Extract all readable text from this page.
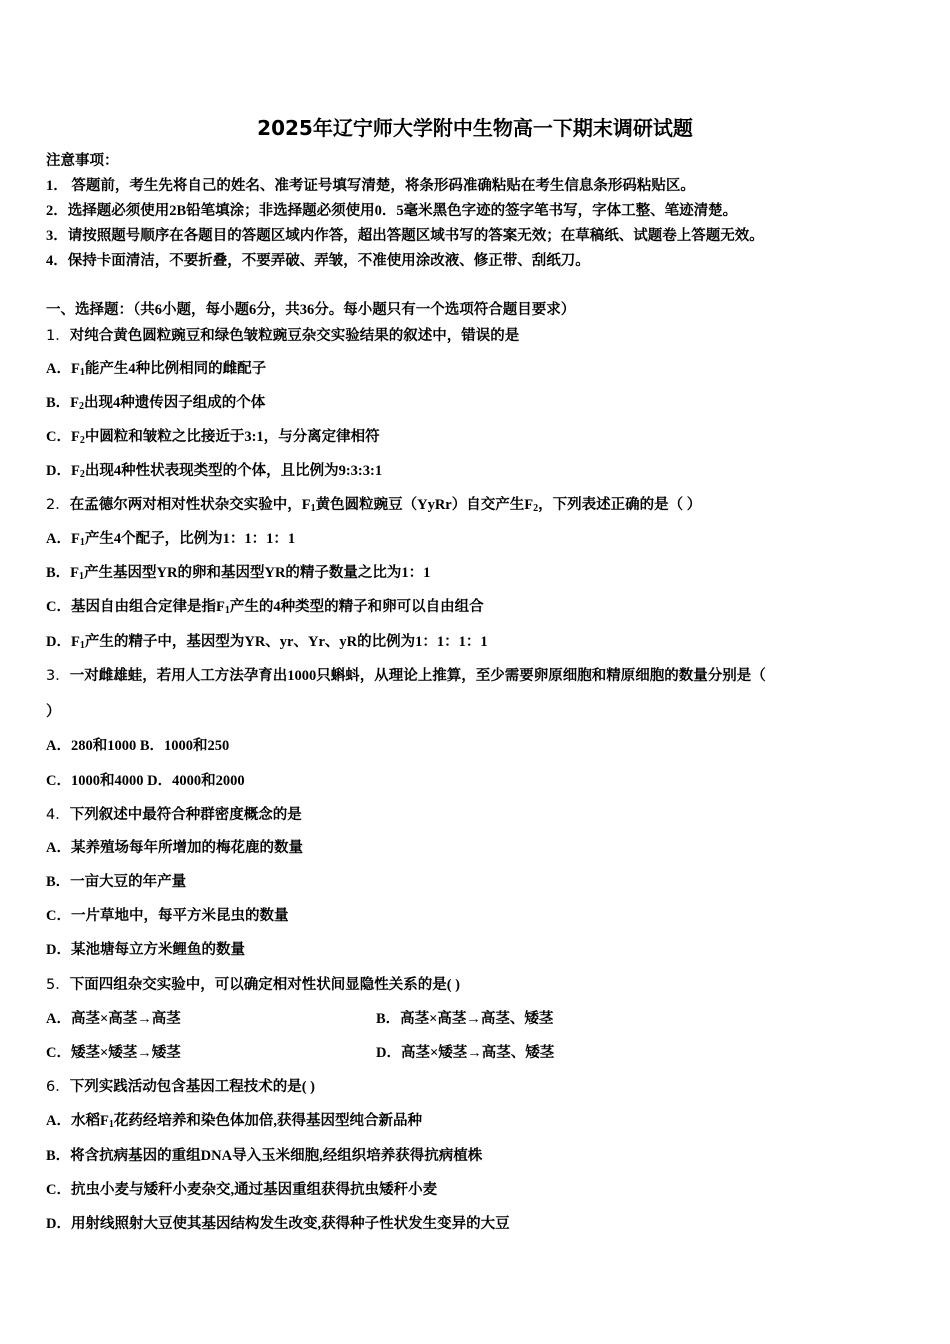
2025年辽宁师大学附中生物高一下期末调研试题
注意事项：
1． 答题前，考生先将自己的姓名、准考证号填写清楚，将条形码准确粘贴在考生信息条形码粘贴区。
2．选择题必须使用2B铅笔填涂；非选择题必须使用0．5毫米黑色字迹的签字笔书写，字体工整、笔迹清楚。
3．请按照题号顺序在各题目的答题区域内作答，超出答题区域书写的答案无效；在草稿纸、试题卷上答题无效。
4．保持卡面清洁，不要折叠，不要弄破、弄皱，不准使用涂改液、修正带、刮纸刀。
一、选择题：（共6小题，每小题6分，共36分。每小题只有一个选项符合题目要求）
1．对纯合黄色圆粒豌豆和绿色皱粒豌豆杂交实验结果的叙述中，错误的是
A．$F_1$能产生4种比例相同的雌配子
B．$F_2$出现4种遗传因子组成的个体
C．$F_2$中圆粒和皱粒之比接近于3:1，与分离定律相符
D．$F_2$出现4种性状表现类型的个体，且比例为9:3:3:1
2．在孟德尔两对相对性状杂交实验中，$F_1$黄色圆粒豌豆（YyRr）自交产生$F_2$，下列表述正确的是（ ）
A．$F_1$产生4个配子，比例为1：1：1：1
B．$F_1$产生基因型YR的卵和基因型YR的精子数量之比为1：1
C．基因自由组合定律是指$F_1$产生的4种类型的精子和卵可以自由组合
D．$F_1$产生的精子中，基因型为YR、yr、Yr、yR的比例为1：1：1：1
3．一对雌雄蛙，若用人工方法孕育出1000只蝌蚪，从理论上推算，至少需要卵原细胞和精原细胞的数量分别是（
）
A．280和1000 B．1000和250
C．1000和4000 D．4000和2000
4．下列叙述中最符合种群密度概念的是
A．某养殖场每年所增加的梅花鹿的数量
B．一亩大豆的年产量
C．一片草地中，每平方米昆虫的数量
D．某池塘每立方米鲤鱼的数量
5．下面四组杂交实验中，可以确定相对性状间显隐性关系的是( )
A．高茎×高茎→高茎	B．高茎×高茎→高茎、矮茎
C．矮茎×矮茎→矮茎	D．高茎×矮茎→高茎、矮茎
6．下列实践活动包含基因工程技术的是( )
A．水稻$F_1$花药经培养和染色体加倍,获得基因型纯合新品种
B．将含抗病基因的重组DNA导入玉米细胞,经组织培养获得抗病植株
C．抗虫小麦与矮秆小麦杂交,通过基因重组获得抗虫矮秆小麦
D．用射线照射大豆使其基因结构发生改变,获得种子性状发生变异的大豆
